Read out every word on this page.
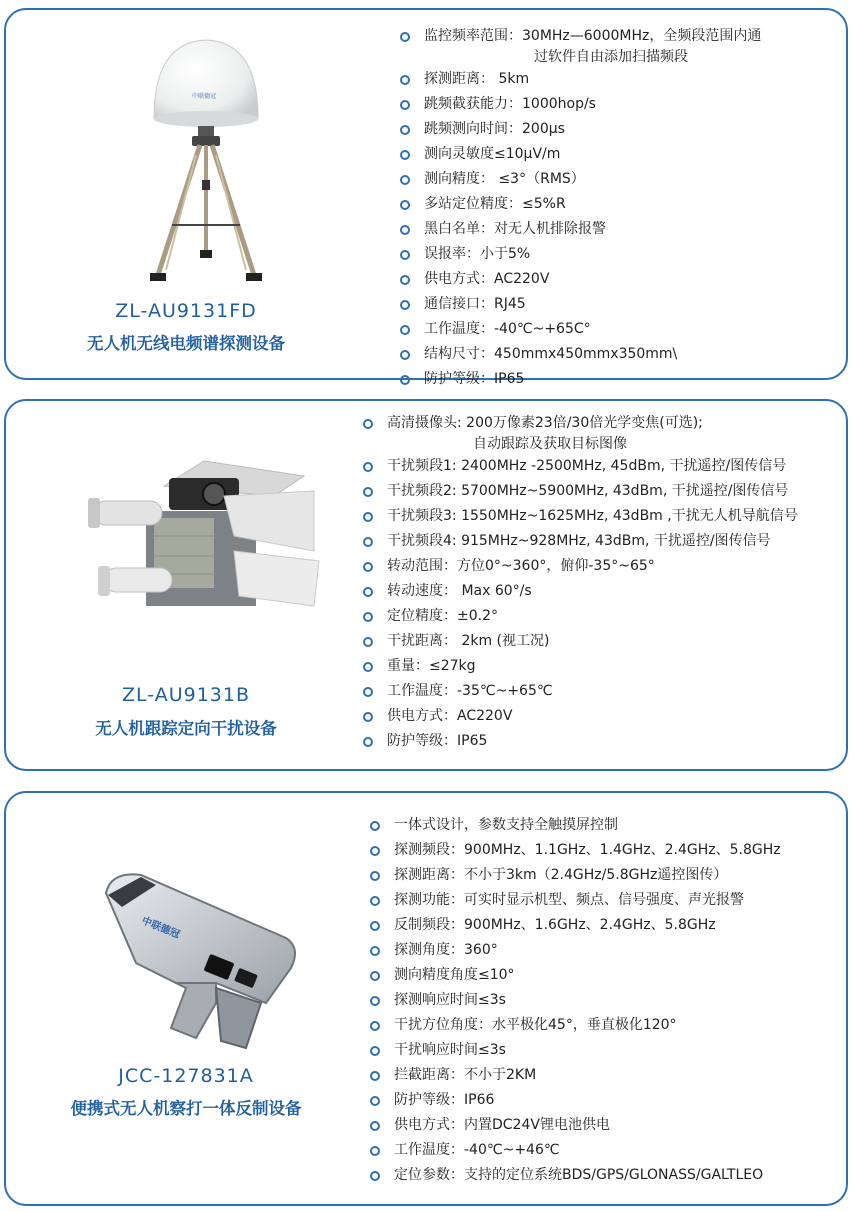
中联德冠
ZL-AU9131FD
无人机无线电频谱探测设备
监控频率范围：30MHz—6000MHz，全频段范围内通
过软件自由添加扫描频段
探测距离： 5km
跳频截获能力：1000hop/s
跳频测向时间：200μs
测向灵敏度≤10μV/m
测向精度： ≤3°（RMS）
多站定位精度：≤5%R
黑白名单：对无人机排除报警
误报率：小于5%
供电方式：AC220V
通信接口：RJ45
工作温度：-40℃~+65C°
结构尺寸：450mmx450mmx350mm\
防护等级：IP65
ZL-AU9131B
无人机跟踪定向干扰设备
高清摄像头: 200万像素23倍/30倍光学变焦(可选);
自动跟踪及获取目标图像
干扰频段1: 2400MHz -2500MHz, 45dBm, 干扰遥控/图传信号
干扰频段2: 5700MHz~5900MHz, 43dBm, 干扰遥控/图传信号
干扰频段3: 1550MHz~1625MHz, 43dBm ,干扰无人机导航信号
干扰频段4: 915MHz~928MHz, 43dBm, 干扰遥控/图传信号
转动范围：方位0°~360°，俯仰-35°~65°
转动速度： Max 60°/s
定位精度：±0.2°
干扰距离： 2km (视工况)
重量：≤27kg
工作温度：-35℃~+65℃
供电方式：AC220V
防护等级：IP65
中联德冠
JCC-127831A
便携式无人机察打一体反制设备
一体式设计，参数支持全触摸屏控制
探测频段：900MHz、1.1GHz、1.4GHz、2.4GHz、5.8GHz
探测距离：不小于3km（2.4GHz/5.8GHz遥控图传）
探测功能：可实时显示机型、频点、信号强度、声光报警
反制频段：900MHz、1.6GHz、2.4GHz、5.8GHz
探测角度：360°
测向精度角度≤10°
探测响应时间≤3s
干扰方位角度：水平极化45°，垂直极化120°
干扰响应时间≤3s
拦截距离：不小于2KM
防护等级：IP66
供电方式：内置DC24V锂电池供电
工作温度：-40℃~+46℃
定位参数：支持的定位系统BDS/GPS/GLONASS/GALTLEO
